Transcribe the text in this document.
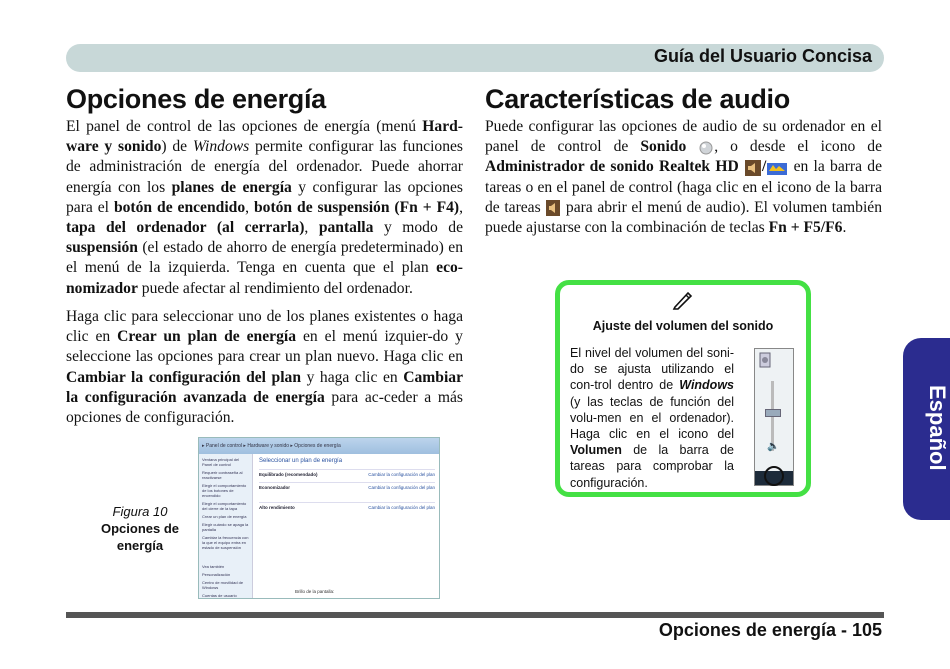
Guía del Usuario Concisa
Opciones de energía

El panel de control de las opciones de energía (menú Hard-ware y sonido) de Windows permite configurar las funciones de administración de energía del ordenador. Puede ahorrar energía con los planes de energía y configurar las opciones para el botón de encendido, botón de suspensión (Fn + F4), tapa del ordenador (al cerrarla), pantalla y modo de suspensión (el estado de ahorro de energía predeterminado) en el menú de la izquierda. Tenga en cuenta que el plan eco-nomizador puede afectar al rendimiento del ordenador.

Haga clic para seleccionar uno de los planes existentes o haga clic en Crear un plan de energía en el menú izquier-do y seleccione las opciones para crear un plan nuevo. Haga clic en Cambiar la configuración del plan y haga clic en Cambiar la configuración avanzada de energía para ac-ceder a más opciones de configuración.

Figura 10
Opciones de energía
▸ Panel de control ▸ Hardware y sonido ▸ Opciones de energía
Ventana principal del Panel de control
Requerir contraseña al reactivarse
Elegir el comportamiento de los botones de encendido
Elegir el comportamiento del cierre de la tapa
Crear un plan de energía
Elegir cuándo se apaga la pantalla
Cambiar la frecuencia con la que el equipo entra en estado de suspensión
Vea también
Personalización
Centro de movilidad de Windows
Cuentas de usuario
Seleccionar un plan de energía
Equilibrado (recomendado)	Cambiar la configuración del plan
Economizador	Cambiar la configuración del plan
Alto rendimiento	Cambiar la configuración del plan
Brillo de la pantalla:
Características de audio

Puede configurar las opciones de audio de su ordenador en el panel de control de Sonido , o desde el icono de Administrador de sonido Realtek HD / en la barra de tareas o en el panel de control (haga clic en el icono de la barra de tareas  para abrir el menú de audio). El volumen también puede ajustarse con la combinación de teclas Fn + F5/F6.

Ajuste del volumen del sonido

El nivel del volumen del soni-do se ajusta utilizando el con-trol dentro de Windows (y las teclas de función del volu-men en el ordenador). Haga clic en el icono del Volumen de la barra de tareas para comprobar la configuración.

🔈	Español
Opciones de energía - 105
